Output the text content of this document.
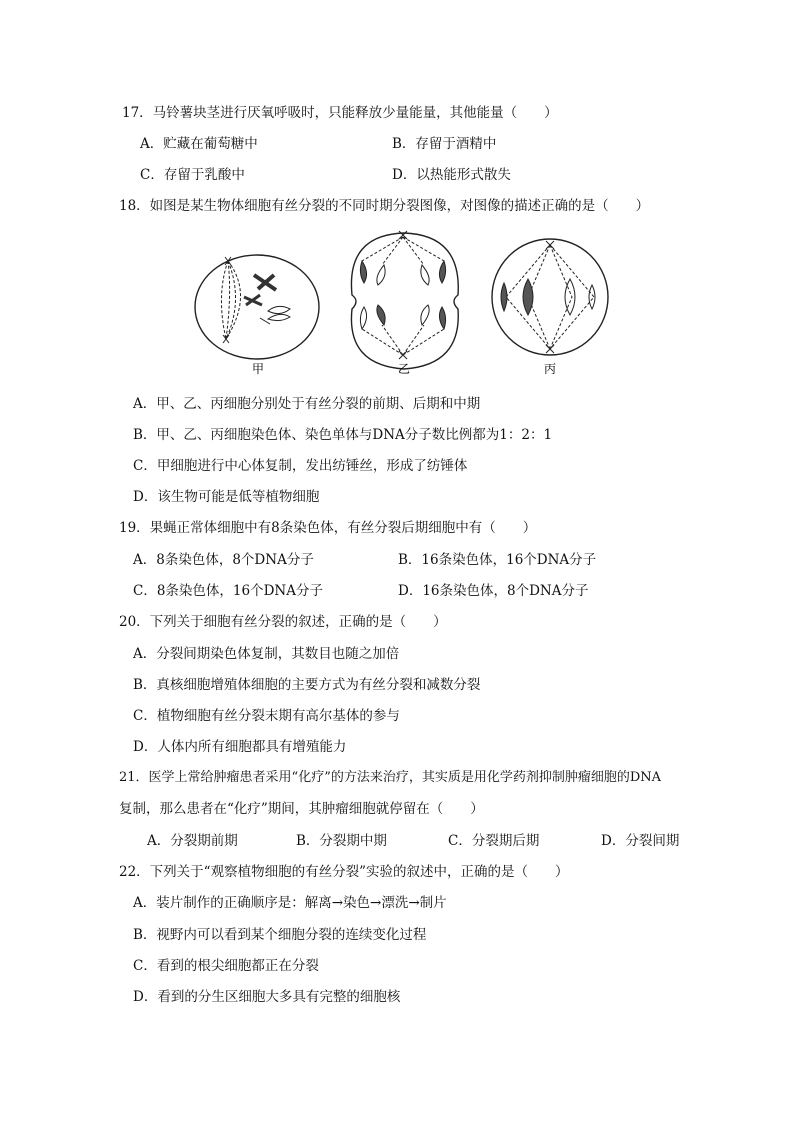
17．马铃薯块茎进行厌氧呼吸时，只能释放少量能量，其他能量（　　）
A．贮藏在葡萄糖中	B．存留于酒精中
C．存留于乳酸中	D．以热能形式散失
18．如图是某生物体细胞有丝分裂的不同时期分裂图像，对图像的描述正确的是（　　）
甲	乙	丙
A．甲、乙、丙细胞分别处于有丝分裂的前期、后期和中期
B．甲、乙、丙细胞染色体、染色单体与DNA分子数比例都为1：2：1
C．甲细胞进行中心体复制，发出纺锤丝，形成了纺锤体
D．该生物可能是低等植物细胞
19．果蝇正常体细胞中有8条染色体，有丝分裂后期细胞中有（　　）
A．8条染色体，8个DNA分子	B．16条染色体，16个DNA分子
C．8条染色体，16个DNA分子	D．16条染色体，8个DNA分子
20．下列关于细胞有丝分裂的叙述，正确的是（　　）
A．分裂间期染色体复制，其数目也随之加倍
B．真核细胞增殖体细胞的主要方式为有丝分裂和减数分裂
C．植物细胞有丝分裂末期有高尔基体的参与
D．人体内所有细胞都具有增殖能力
21．医学上常给肿瘤患者采用“化疗”的方法来治疗，其实质是用化学药剂抑制肿瘤细胞的DNA
复制，那么患者在“化疗”期间，其肿瘤细胞就停留在（　　）
A．分裂期前期	B．分裂期中期	C．分裂期后期	D．分裂间期
22．下列关于“观察植物细胞的有丝分裂”实验的叙述中，正确的是（　　）
A．装片制作的正确顺序是：解离→染色→漂洗→制片
B．视野内可以看到某个细胞分裂的连续变化过程
C．看到的根尖细胞都正在分裂
D．看到的分生区细胞大多具有完整的细胞核
